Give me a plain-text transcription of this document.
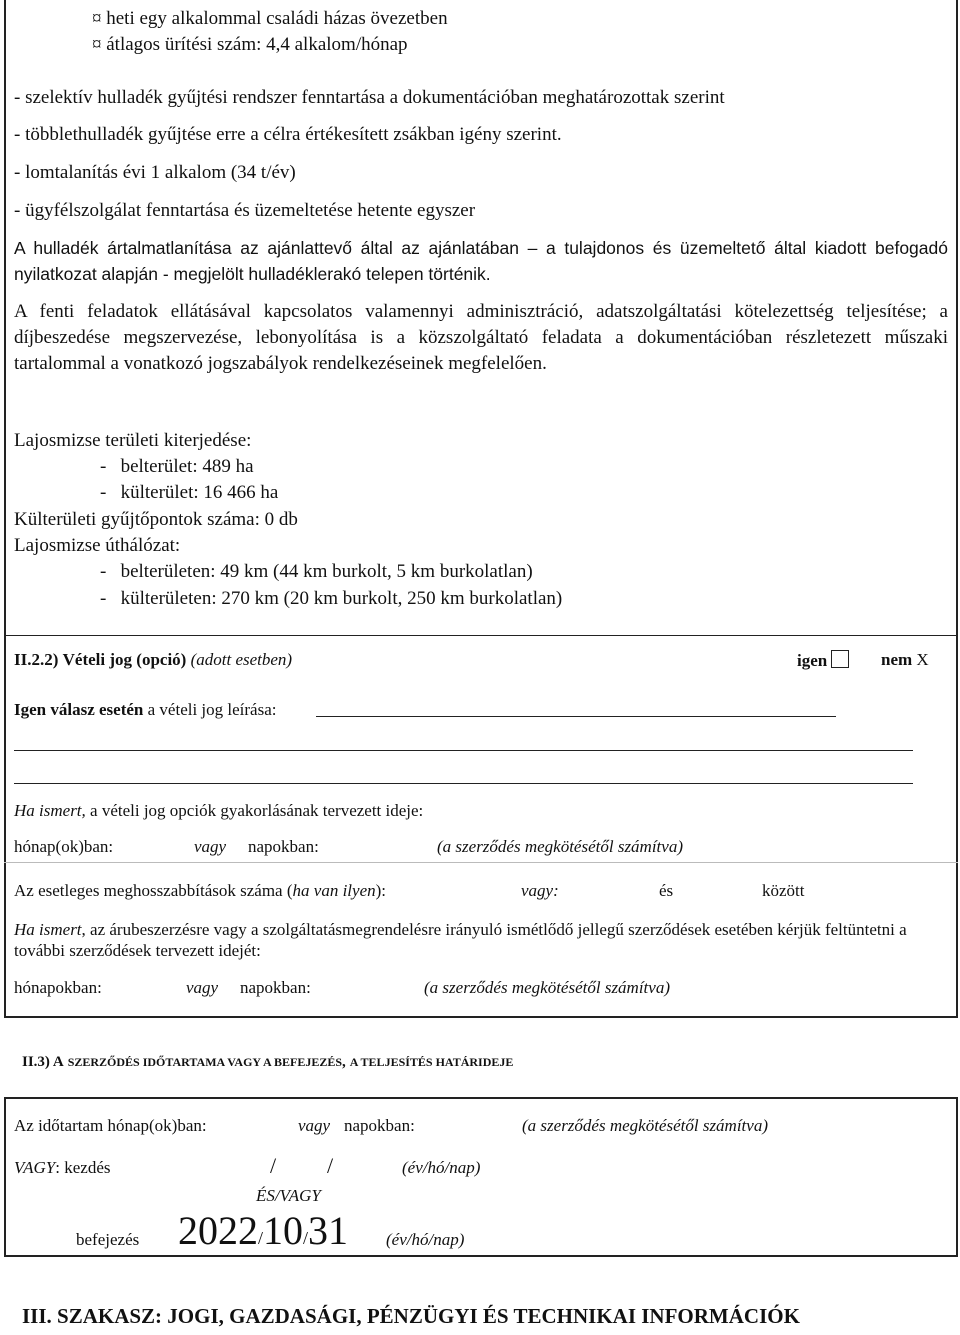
¤ heti egy alkalommal családi házas övezetben
¤ átlagos ürítési szám: 4,4 alkalom/hónap
- szelektív hulladék gyűjtési rendszer fenntartása a dokumentációban meghatározottak szerint
- többlethulladék gyűjtése erre a célra értékesített zsákban igény szerint.
- lomtalanítás évi 1 alkalom (34 t/év)
- ügyfélszolgálat fenntartása és üzemeltetése hetente egyszer
A hulladék ártalmatlanítása az ajánlattevő által az ajánlatában – a tulajdonos és üzemeltető által kiadott befogadó nyilatkozat alapján - megjelölt hulladéklerakó telepen történik.
A fenti feladatok ellátásával kapcsolatos valamennyi adminisztráció, adatszolgáltatási kötelezettség teljesítése; a díjbeszedése megszervezése, lebonyolítása is a közszolgáltató feladata a dokumentációban részletezett műszaki tartalommal a vonatkozó jogszabályok rendelkezéseinek megfelelően.
Lajosmizse területi kiterjedése:
-   belterület: 489 ha
-   külterület: 16 466 ha
Külterületi gyűjtőpontok száma: 0 db
Lajosmizse úthálózat:
-   belterületen: 49 km (44 km burkolt, 5 km burkolatlan)
-   külterületen: 270 km (20 km burkolt, 250 km burkolatlan)
II.2.2) Vételi jog (opció) (adott esetben)	igen	nem X
Igen válasz esetén a vételi jog leírása:
Ha ismert, a vételi jog opciók gyakorlásának tervezett ideje:
hónap(ok)ban:	vagy napokban:	(a szerződés megkötésétől számítva)
Az esetleges meghosszabbítások száma (ha van ilyen):	vagy:	és	között
Ha ismert, az árubeszerzésre vagy a szolgáltatásmegrendelésre irányuló ismétlődő jellegű szerződések esetében kérjük feltüntetni a további szerződések tervezett idejét:
hónapokban:	vagy napokban:	(a szerződés megkötésétől számítva)
II.3) A SZERZŐDÉS IDŐTARTAMA VAGY A BEFEJEZÉS, A TELJESÍTÉS HATÁRIDEJE
Az időtartam hónap(ok)ban:	vagy napokban:	(a szerződés megkötésétől számítva)
VAGY: kezdés	/ /	(év/hó/nap)
ÉS/VAGY
befejezés 2022/10/31 (év/hó/nap)
III. SZAKASZ: JOGI, GAZDASÁGI, PÉNZÜGYI ÉS TECHNIKAI INFORMÁCIÓK
